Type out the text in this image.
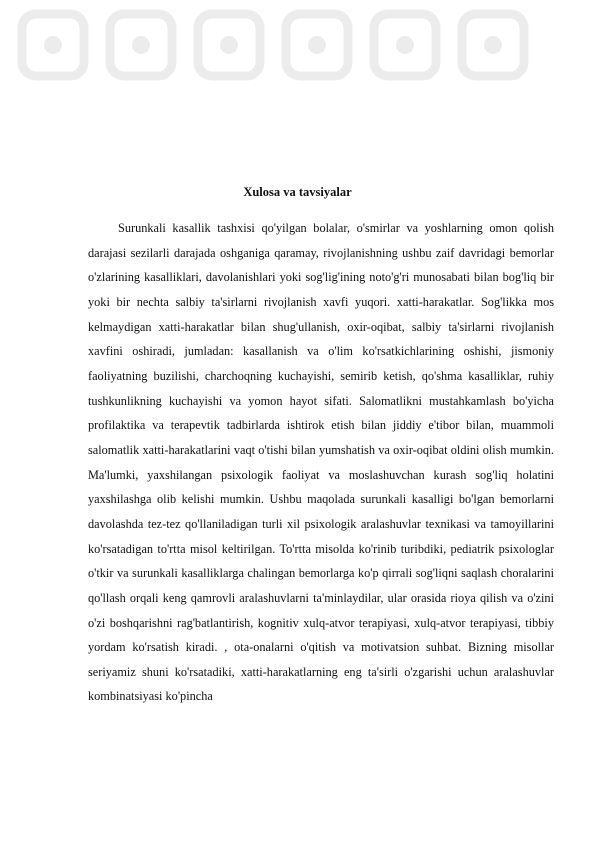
Xulosa va tavsiyalar

Surunkali kasallik tashxisi qo'yilgan bolalar, o'smirlar va yoshlarning omon qolish darajasi sezilarli darajada oshganiga qaramay, rivojlanishning ushbu zaif davridagi bemorlar o'zlarining kasalliklari, davolanishlari yoki sog'lig'ining noto'g'ri munosabati bilan bog'liq bir yoki bir nechta salbiy ta'sirlarni rivojlanish xavfi yuqori. xatti-harakatlar. Sog'likka mos kelmaydigan xatti-harakatlar bilan shug'ullanish, oxir-oqibat, salbiy ta'sirlarni rivojlanish xavfini oshiradi, jumladan: kasallanish va o'lim ko'rsatkichlarining oshishi, jismoniy faoliyatning buzilishi, charchoqning kuchayishi, semirib ketish, qo'shma kasalliklar, ruhiy tushkunlikning kuchayishi va yomon hayot sifati. Salomatlikni mustahkamlash bo'yicha profilaktika va terapevtik tadbirlarda ishtirok etish bilan jiddiy e'tibor bilan, muammoli salomatlik xatti-harakatlarini vaqt o'tishi bilan yumshatish va oxir-oqibat oldini olish mumkin. Ma'lumki, yaxshilangan psixologik faoliyat va moslashuvchan kurash sog'liq holatini yaxshilashga olib kelishi mumkin. Ushbu maqolada surunkali kasalligi bo'lgan bemorlarni davolashda tez-tez qo'llaniladigan turli xil psixologik aralashuvlar texnikasi va tamoyillarini ko'rsatadigan to'rtta misol keltirilgan. To'rtta misolda ko'rinib turibdiki, pediatrik psixologlar o'tkir va surunkali kasalliklarga chalingan bemorlarga ko'p qirrali sog'liqni saqlash choralarini qo'llash orqali keng qamrovli aralashuvlarni ta'minlaydilar, ular orasida rioya qilish va o'zini o'zi boshqarishni rag'batlantirish, kognitiv xulq-atvor terapiyasi, xulq-atvor terapiyasi, tibbiy yordam ko'rsatish kiradi. , ota-onalarni o'qitish va motivatsion suhbat. Bizning misollar seriyamiz shuni ko'rsatadiki, xatti-harakatlarning eng ta'sirli o'zgarishi uchun aralashuvlar kombinatsiyasi ko'pincha
